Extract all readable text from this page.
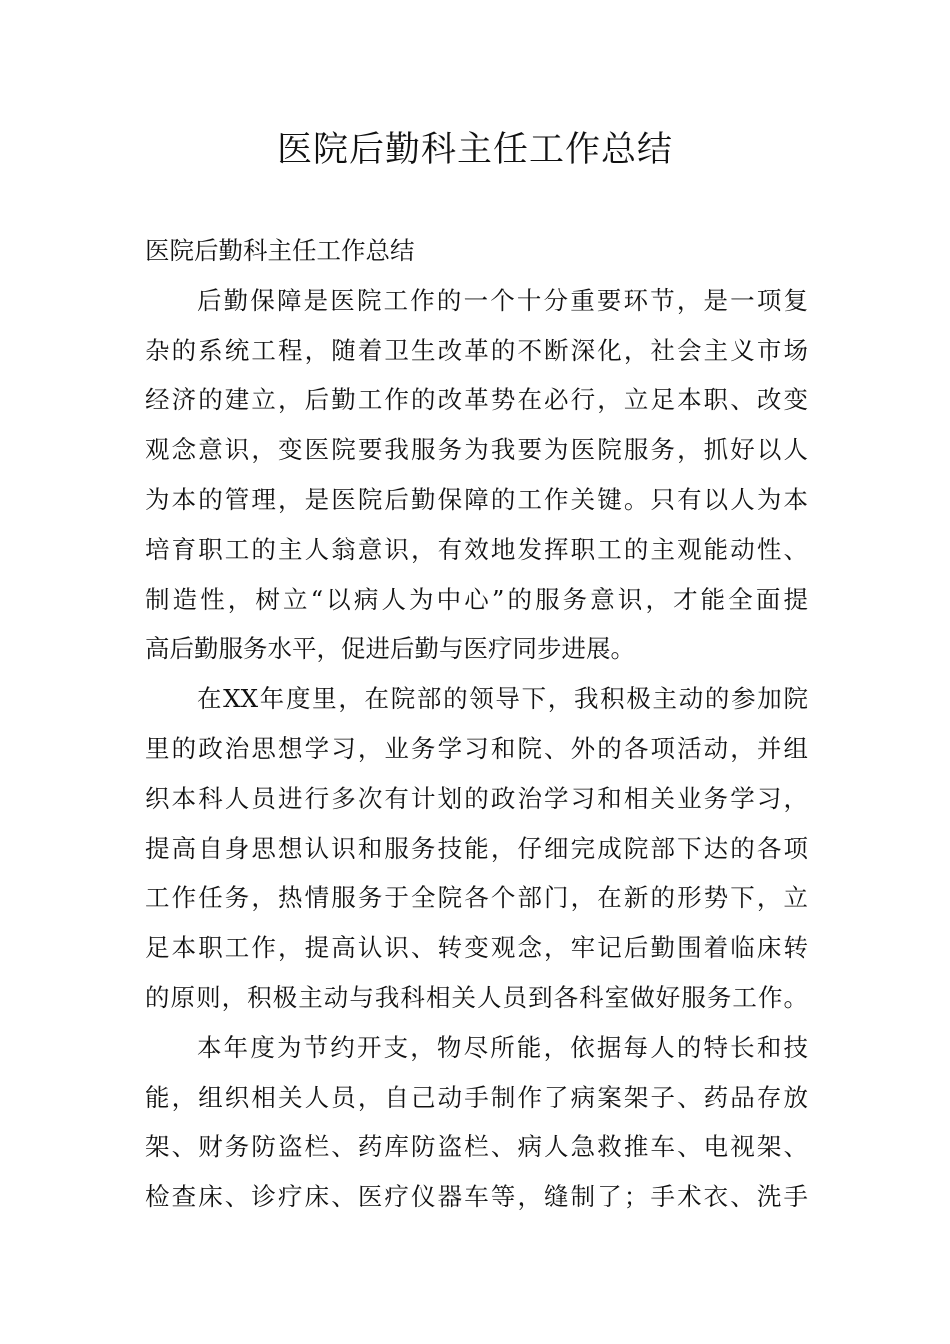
医院后勤科主任工作总结
医院后勤科主任工作总结
后勤保障是医院工作的一个十分重要环节，是一项复
杂的系统工程，随着卫生改革的不断深化，社会主义市场
经济的建立，后勤工作的改革势在必行，立足本职、改变
观念意识，变医院要我服务为我要为医院服务，抓好以人
为本的管理，是医院后勤保障的工作关键。只有以人为本
培育职工的主人翁意识，有效地发挥职工的主观能动性、
制造性，树立“以病人为中心”的服务意识，才能全面提
高后勤服务水平，促进后勤与医疗同步进展。
在XX年度里，在院部的领导下，我积极主动的参加院
里的政治思想学习，业务学习和院、外的各项活动，并组
织本科人员进行多次有计划的政治学习和相关业务学习，
提高自身思想认识和服务技能，仔细完成院部下达的各项
工作任务，热情服务于全院各个部门，在新的形势下，立
足本职工作，提高认识、转变观念，牢记后勤围着临床转
的原则，积极主动与我科相关人员到各科室做好服务工作。
本年度为节约开支，物尽所能，依据每人的特长和技
能，组织相关人员，自己动手制作了病案架子、药品存放
架、财务防盗栏、药库防盗栏、病人急救推车、电视架、
检查床、诊疗床、医疗仪器车等，缝制了；手术衣、洗手
